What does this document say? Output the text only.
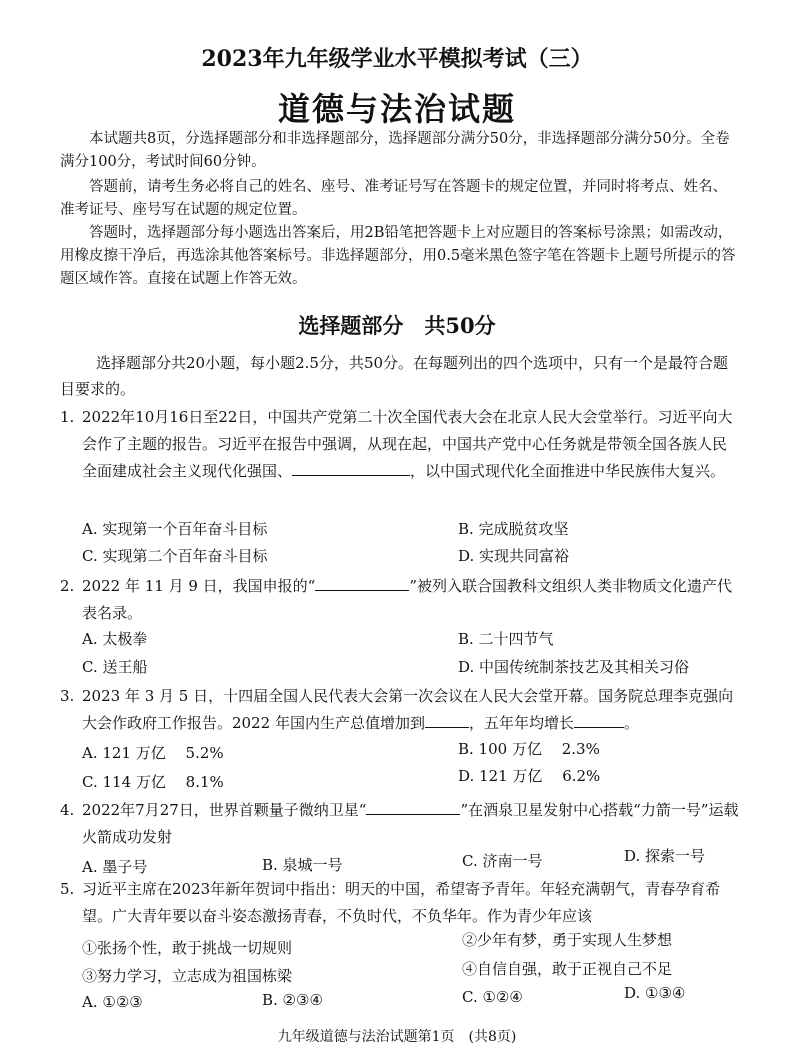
2023年九年级学业水平模拟考试（三）
道德与法治试题

本试题共8页，分选择题部分和非选择题部分，选择题部分满分50分，非选择题部分满分50分。全卷满分100分，考试时间60分钟。

答题前，请考生务必将自己的姓名、座号、准考证号写在答题卡的规定位置，并同时将考点、姓名、准考证号、座号写在试题的规定位置。

答题时，选择题部分每小题选出答案后，用2B铅笔把答题卡上对应题目的答案标号涂黑；如需改动，用橡皮擦干净后，再选涂其他答案标号。非选择题部分，用0.5毫米黑色签字笔在答题卡上题号所提示的答题区域作答。直接在试题上作答无效。

选择题部分　共50分

选择题部分共20小题，每小题2.5分，共50分。在每题列出的四个选项中，只有一个是最符合题目要求的。

1. 2022年10月16日至22日，中国共产党第二十次全国代表大会在北京人民大会堂举行。习近平向大会作了主题的报告。习近平在报告中强调，从现在起，中国共产党中心任务就是带领全国各族人民全面建成社会主义现代化强国、	，以中国式现代化全面推进中华民族伟大复兴。
A. 实现第一个百年奋斗目标	B. 完成脱贫攻坚
C. 实现第二个百年奋斗目标	D. 实现共同富裕
2. 2022 年 11 月 9 日，我国申报的“	”被列入联合国教科文组织人类非物质文化遗产代表名录。
A. 太极拳	B. 二十四节气
C. 送王船	D. 中国传统制茶技艺及其相关习俗
3. 2023 年 3 月 5 日，十四届全国人民代表大会第一次会议在人民大会堂开幕。国务院总理李克强向大会作政府工作报告。2022 年国内生产总值增加到	，五年年均增长	。
A. 121 万亿　 5.2%	B. 100 万亿　 2.3%
C. 114 万亿　 8.1%	D. 121 万亿　 6.2%
4. 2022年7月27日，世界首颗量子微纳卫星“	”在酒泉卫星发射中心搭载“力箭一号”运载火箭成功发射
A. 墨子号	B. 泉城一号	C. 济南一号	D. 探索一号
5. 习近平主席在2023年新年贺词中指出：明天的中国，希望寄予青年。年轻充满朝气，青春孕育希望。广大青年要以奋斗姿态激扬青春，不负时代，不负华年。作为青少年应该
①张扬个性，敢于挑战一切规则	②少年有梦，勇于实现人生梦想
③努力学习，立志成为祖国栋梁	④自信自强，敢于正视自己不足
A. ①②③	B. ②③④	C. ①②④	D. ①③④
九年级道德与法治试题第1页　(共8页)
